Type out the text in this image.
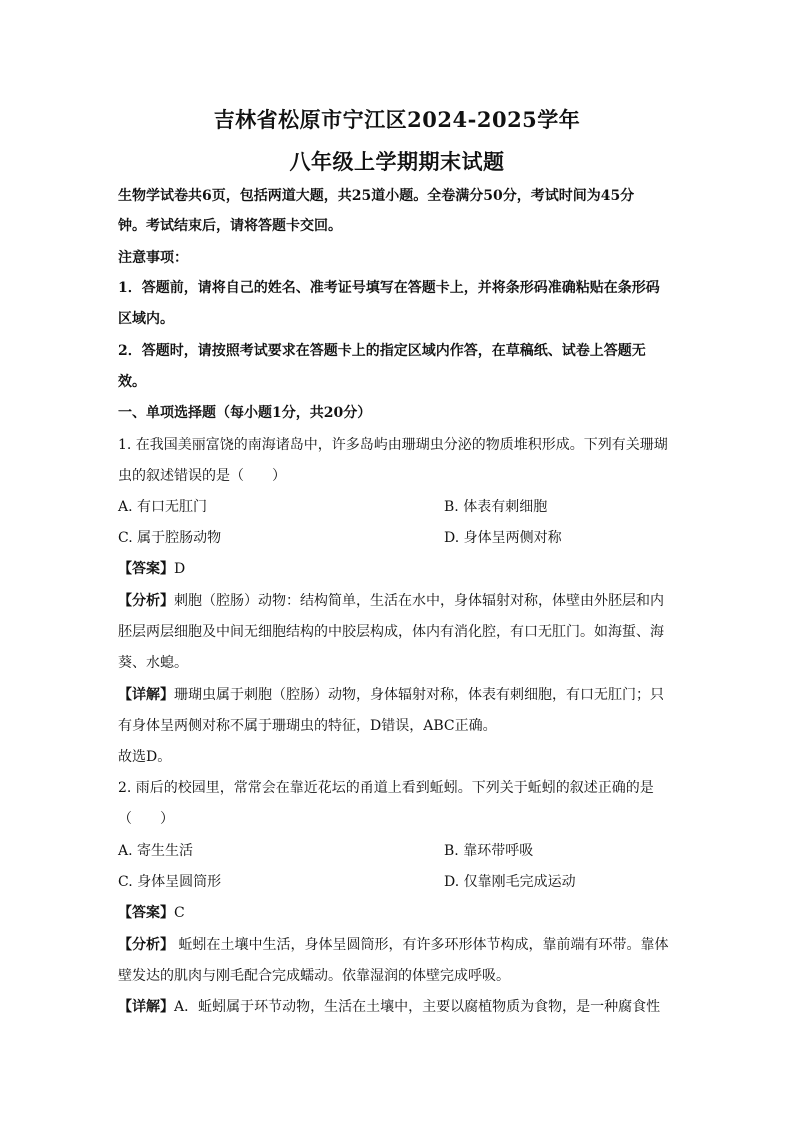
吉林省松原市宁江区2024-2025学年
八年级上学期期末试题
生物学试卷共6页，包括两道大题，共25道小题。全卷满分50分，考试时间为45分
钟。考试结束后，请将答题卡交回。
注意事项：
1．答题前，请将自己的姓名、准考证号填写在答题卡上，并将条形码准确粘贴在条形码
区域内。
2．答题时，请按照考试要求在答题卡上的指定区域内作答，在草稿纸、试卷上答题无
效。
一、单项选择题（每小题1分，共20分）
1. 在我国美丽富饶的南海诸岛中，许多岛屿由珊瑚虫分泌的物质堆积形成。下列有关珊瑚
虫的叙述错误的是（　　）
A. 有口无肛门	B. 体表有刺细胞
C. 属于腔肠动物	D. 身体呈两侧对称
【答案】D
【分析】刺胞（腔肠）动物：结构简单，生活在水中，身体辐射对称，体壁由外胚层和内
胚层两层细胞及中间无细胞结构的中胶层构成，体内有消化腔，有口无肛门。如海蜇、海
葵、水螅。
【详解】珊瑚虫属于刺胞（腔肠）动物，身体辐射对称，体表有刺细胞，有口无肛门；只
有身体呈两侧对称不属于珊瑚虫的特征，D错误，ABC正确。
故选D。
2. 雨后的校园里，常常会在靠近花坛的甬道上看到蚯蚓。下列关于蚯蚓的叙述正确的是
（　　）
A. 寄生生活	B. 靠环带呼吸
C. 身体呈圆筒形	D. 仅靠刚毛完成运动
【答案】C
【分析】 蚯蚓在土壤中生活，身体呈圆筒形，有许多环形体节构成，靠前端有环带。靠体
壁发达的肌肉与刚毛配合完成蠕动。依靠湿润的体壁完成呼吸。
【详解】A．蚯蚓属于环节动物，生活在土壤中，主要以腐植物质为食物，是一种腐食性
